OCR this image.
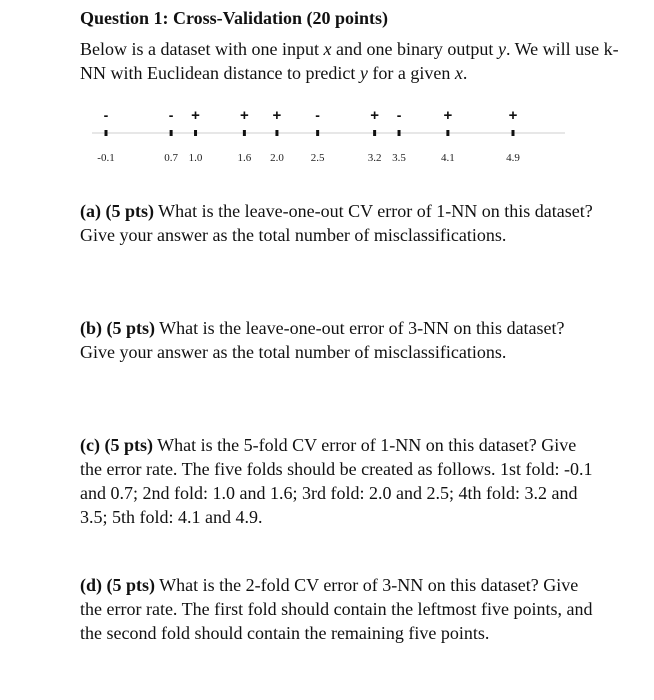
Question 1: Cross-Validation (20 points)

Below is a dataset with one input x and one binary output y. We will use k-NN with Euclidean distance to predict y for a given x.

-
-0.1
-
0.7
+
1.0
+
1.6
+
2.0
-
2.5
+
3.2
-
3.5
+
4.1
+
4.9

(a) (5 pts) What is the leave-one-out CV error of 1-NN on this dataset? Give your answer as the total number of misclassifications.

(b) (5 pts) What is the leave-one-out error of 3-NN on this dataset? Give your answer as the total number of misclassifications.

(c) (5 pts) What is the 5-fold CV error of 1-NN on this dataset? Give the error rate. The five folds should be created as follows. 1st fold: -0.1 and 0.7; 2nd fold: 1.0 and 1.6; 3rd fold: 2.0 and 2.5; 4th fold: 3.2 and 3.5; 5th fold: 4.1 and 4.9.

(d) (5 pts) What is the 2-fold CV error of 3-NN on this dataset? Give the error rate. The first fold should contain the leftmost five points, and the second fold should contain the remaining five points.
